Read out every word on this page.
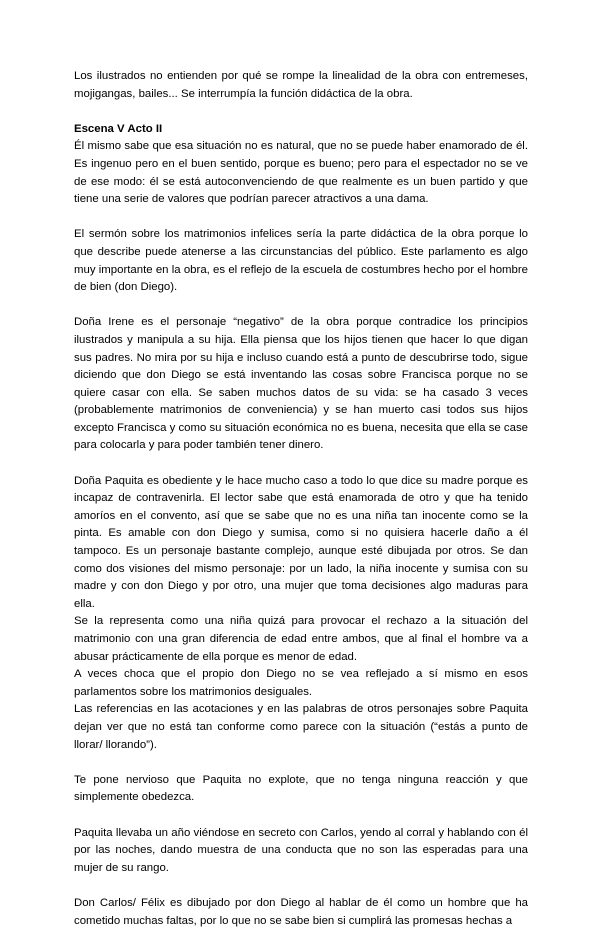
Los ilustrados no entienden por qué se rompe la linealidad de la obra con entremeses, mojigangas, bailes... Se interrumpía la función didáctica de la obra.

Escena V Acto II

Él mismo sabe que esa situación no es natural, que no se puede haber enamorado de él. Es ingenuo pero en el buen sentido, porque es bueno; pero para el espectador no se ve de ese modo: él se está autoconvenciendo de que realmente es un buen partido y que tiene una serie de valores que podrían parecer atractivos a una dama.

El sermón sobre los matrimonios infelices sería la parte didáctica de la obra porque lo que describe puede atenerse a las circunstancias del público. Este parlamento es algo muy importante en la obra, es el reflejo de la escuela de costumbres hecho por el hombre de bien (don Diego).

Doña Irene es el personaje “negativo” de la obra porque contradice los principios ilustrados y manipula a su hija. Ella piensa que los hijos tienen que hacer lo que digan sus padres. No mira por su hija e incluso cuando está a punto de descubrirse todo, sigue diciendo que don Diego se está inventando las cosas sobre Francisca porque no se quiere casar con ella. Se saben muchos datos de su vida: se ha casado 3 veces (probablemente matrimonios de conveniencia) y se han muerto casi todos sus hijos excepto Francisca y como su situación económica no es buena, necesita que ella se case para colocarla y para poder también tener dinero.

Doña Paquita es obediente y le hace mucho caso a todo lo que dice su madre porque es incapaz de contravenirla. El lector sabe que está enamorada de otro y que ha tenido amoríos en el convento, así que se sabe que no es una niña tan inocente como se la pinta. Es amable con don Diego y sumisa, como si no quisiera hacerle daño a él tampoco. Es un personaje bastante complejo, aunque esté dibujada por otros. Se dan como dos visiones del mismo personaje: por un lado, la niña inocente y sumisa con su madre y con don Diego y por otro, una mujer que toma decisiones algo maduras para ella.

Se la representa como una niña quizá para provocar el rechazo a la situación del matrimonio con una gran diferencia de edad entre ambos, que al final el hombre va a abusar prácticamente de ella porque es menor de edad.

A veces choca que el propio don Diego no se vea reflejado a sí mismo en esos parlamentos sobre los matrimonios desiguales.

Las referencias en las acotaciones y en las palabras de otros personajes sobre Paquita dejan ver que no está tan conforme como parece con la situación (“estás a punto de llorar/ llorando”).

Te pone nervioso que Paquita no explote, que no tenga ninguna reacción y que simplemente obedezca.

Paquita llevaba un año viéndose en secreto con Carlos, yendo al corral y hablando con él por las noches, dando muestra de una conducta que no son las esperadas para una mujer de su rango.

Don Carlos/ Félix es dibujado por don Diego al hablar de él como un hombre que ha cometido muchas faltas, por lo que no se sabe bien si cumplirá las promesas hechas a
